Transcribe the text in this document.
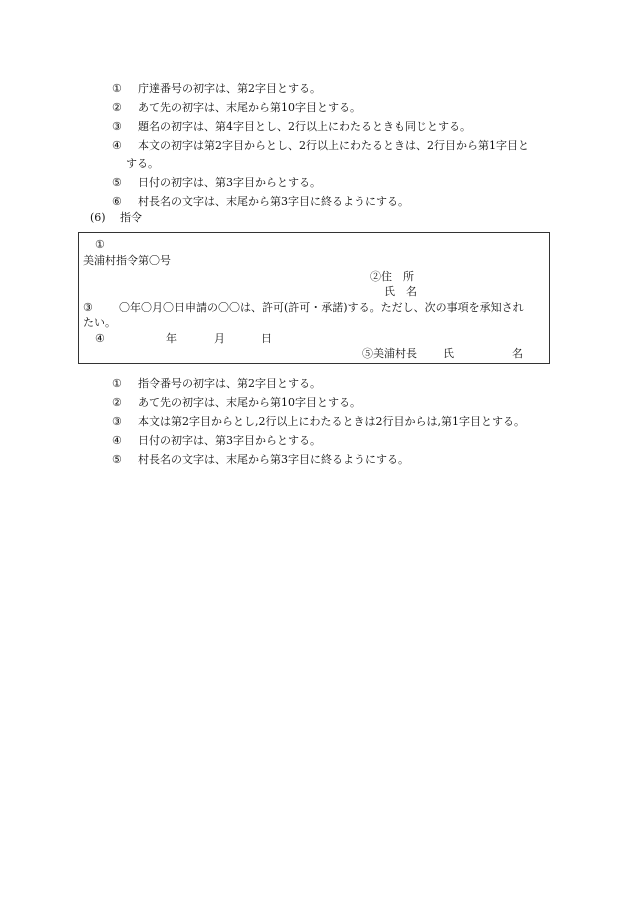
①	庁達番号の初字は、第2字目とする。
②	あて先の初字は、末尾から第10字目とする。
③	題名の初字は、第4字目とし、2行以上にわたるときも同じとする。
④	本文の初字は第2字目からとし、2行以上にわたるときは、2行目から第1字目と
する。
⑤	日付の初字は、第3字目からとする。
⑥	村長名の文字は、末尾から第3字目に終るようにする。
(6) 指令
①
美浦村指令第〇号
②住　所
氏　名
③ 〇年〇月〇日申請の〇〇は、許可(許可・承諾)する。ただし、次の事項を承知され
たい。
④	年	月	日
⑤美浦村長 氏	名
①	指令番号の初字は、第2字目とする。
②	あて先の初字は、末尾から第10字目とする。
③	本文は第2字目からとし,2行以上にわたるときは2行目からは,第1字目とする。
④	日付の初字は、第3字目からとする。
⑤	村長名の文字は、末尾から第3字目に終るようにする。
